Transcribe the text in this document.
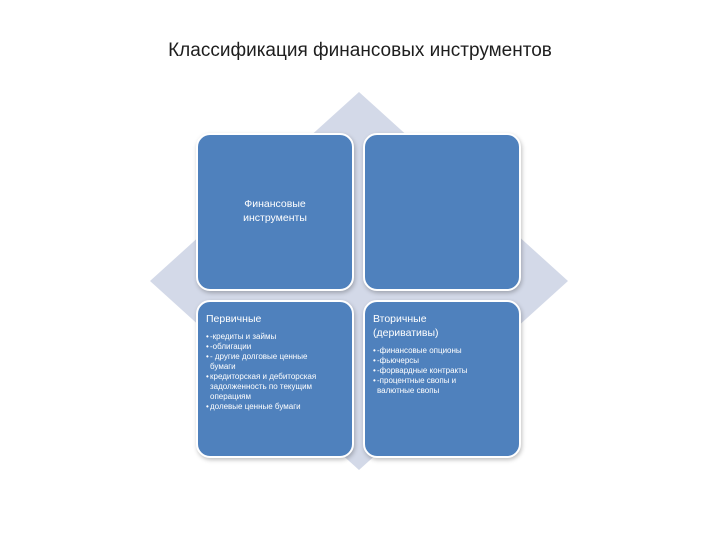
Классификация финансовых инструментов
Финансовые
инструменты
Первичные
• -кредиты и займы
• -облигации
• - другие долговые ценные
бумаги
• кредиторская и дебиторская
задолженность по текущим
операциям
• долевые ценные бумаги
Вторичные
(деривативы)
• -финансовые опционы
• -фьючерсы
• -форвардные контракты
• -процентные свопы и
валютные свопы
